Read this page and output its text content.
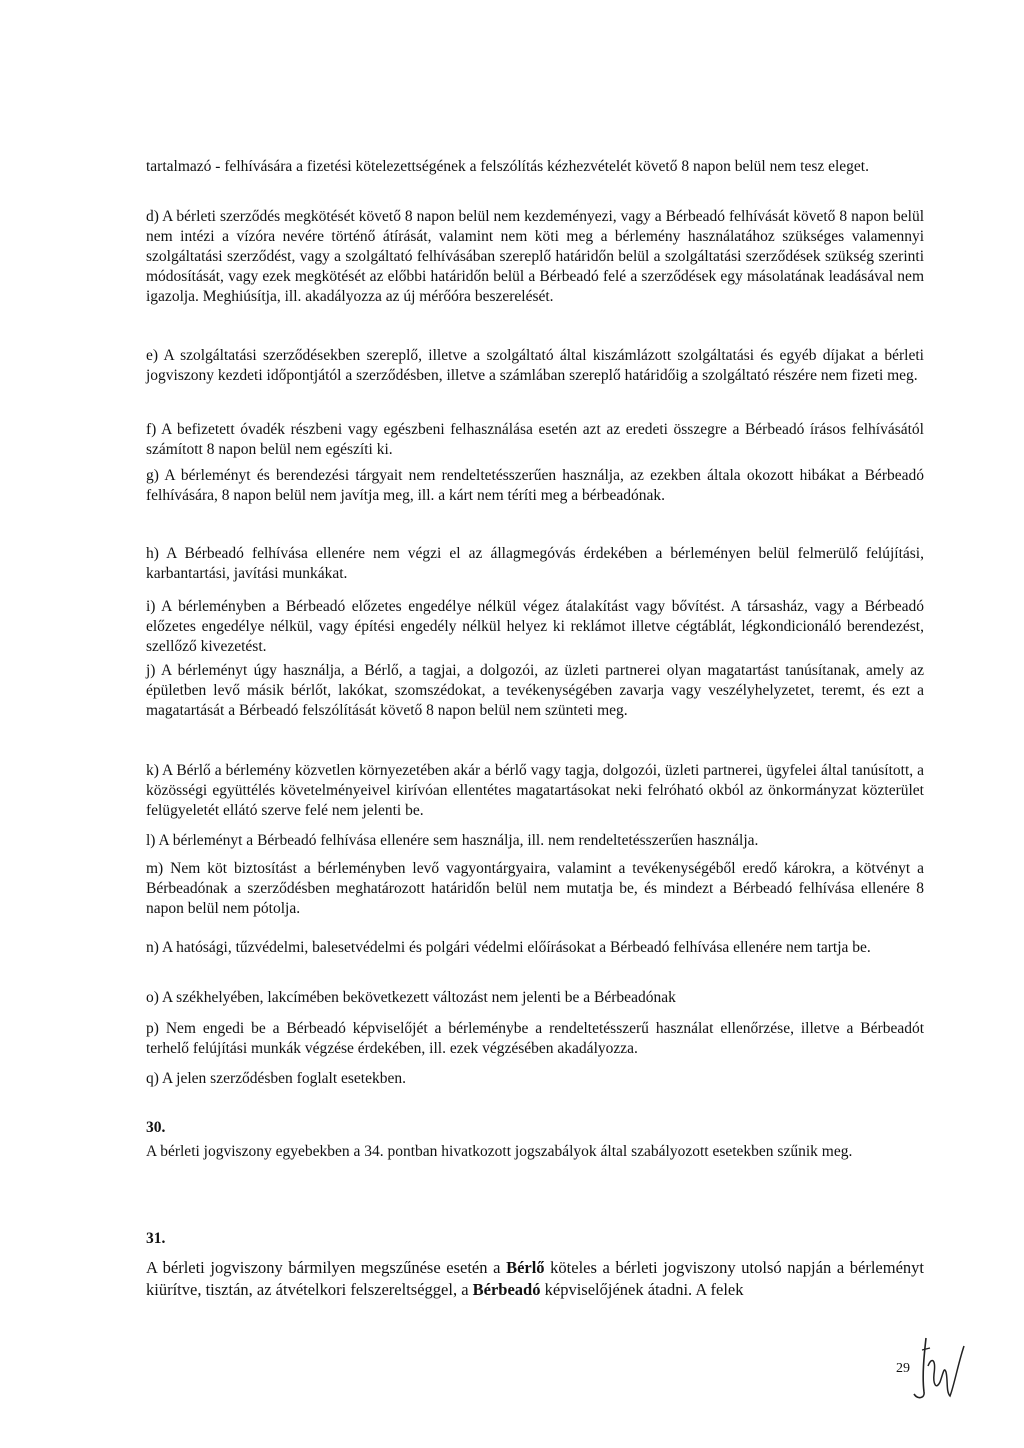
tartalmazó - felhívására a fizetési kötelezettségének a felszólítás kézhezvételét követő 8 napon belül nem tesz eleget.

d) A bérleti szerződés megkötését követő 8 napon belül nem kezdeményezi, vagy a Bérbeadó felhívását követő 8 napon belül nem intézi a vízóra nevére történő átírását, valamint nem köti meg a bérlemény használatához szükséges valamennyi szolgáltatási szerződést, vagy a szolgáltató felhívásában szereplő határidőn belül a szolgáltatási szerződések szükség szerinti módosítását, vagy ezek megkötését az előbbi határidőn belül a Bérbeadó felé a szerződések egy másolatának leadásával nem igazolja. Meghiúsítja, ill. akadályozza az új mérőóra beszerelését.

e) A szolgáltatási szerződésekben szereplő, illetve a szolgáltató által kiszámlázott szolgáltatási és egyéb díjakat a bérleti jogviszony kezdeti időpontjától a szerződésben, illetve a számlában szereplő határidőig a szolgáltató részére nem fizeti meg.

f) A befizetett óvadék részbeni vagy egészbeni felhasználása esetén azt az eredeti összegre a Bérbeadó írásos felhívásától számított 8 napon belül nem egészíti ki.

g) A bérleményt és berendezési tárgyait nem rendeltetésszerűen használja, az ezekben általa okozott hibákat a Bérbeadó felhívására, 8 napon belül nem javítja meg, ill. a kárt nem téríti meg a bérbeadónak.

h) A Bérbeadó felhívása ellenére nem végzi el az állagmegóvás érdekében a bérleményen belül felmerülő felújítási, karbantartási, javítási munkákat.

i) A bérleményben a Bérbeadó előzetes engedélye nélkül végez átalakítást vagy bővítést. A társasház, vagy a Bérbeadó előzetes engedélye nélkül, vagy építési engedély nélkül helyez ki reklámot illetve cégtáblát, légkondicionáló berendezést, szellőző kivezetést.

j) A bérleményt úgy használja, a Bérlő, a tagjai, a dolgozói, az üzleti partnerei olyan magatartást tanúsítanak, amely az épületben levő másik bérlőt, lakókat, szomszédokat, a tevékenységében zavarja vagy veszélyhelyzetet, teremt, és ezt a magatartását a Bérbeadó felszólítását követő 8 napon belül nem szünteti meg.

k) A Bérlő a bérlemény közvetlen környezetében akár a bérlő vagy tagja, dolgozói, üzleti partnerei, ügyfelei által tanúsított, a közösségi együttélés követelményeivel kirívóan ellentétes magatartásokat neki felróható okból az önkormányzat közterület felügyeletét ellátó szerve felé nem jelenti be.

l) A bérleményt a Bérbeadó felhívása ellenére sem használja, ill. nem rendeltetésszerűen használja.

m) Nem köt biztosítást a bérleményben levő vagyontárgyaira, valamint a tevékenységéből eredő károkra, a kötvényt a Bérbeadónak a szerződésben meghatározott határidőn belül nem mutatja be, és mindezt a Bérbeadó felhívása ellenére 8 napon belül nem pótolja.

n) A hatósági, tűzvédelmi, balesetvédelmi és polgári védelmi előírásokat a Bérbeadó felhívása ellenére nem tartja be.

o) A székhelyében, lakcímében bekövetkezett változást nem jelenti be a Bérbeadónak

p) Nem engedi be a Bérbeadó képviselőjét a bérleménybe a rendeltetésszerű használat ellenőrzése, illetve a Bérbeadót terhelő felújítási munkák végzése érdekében, ill. ezek végzésében akadályozza.

q) A jelen szerződésben foglalt esetekben.

30.
A bérleti jogviszony egyebekben a 34. pontban hivatkozott jogszabályok által szabályozott esetekben szűnik meg.
31.
A bérleti jogviszony bármilyen megszűnése esetén a Bérlő köteles a bérleti jogviszony utolsó napján a bérleményt kiürítve, tisztán, az átvételkori felszereltséggel, a Bérbeadó képviselőjének átadni. A felek
29
